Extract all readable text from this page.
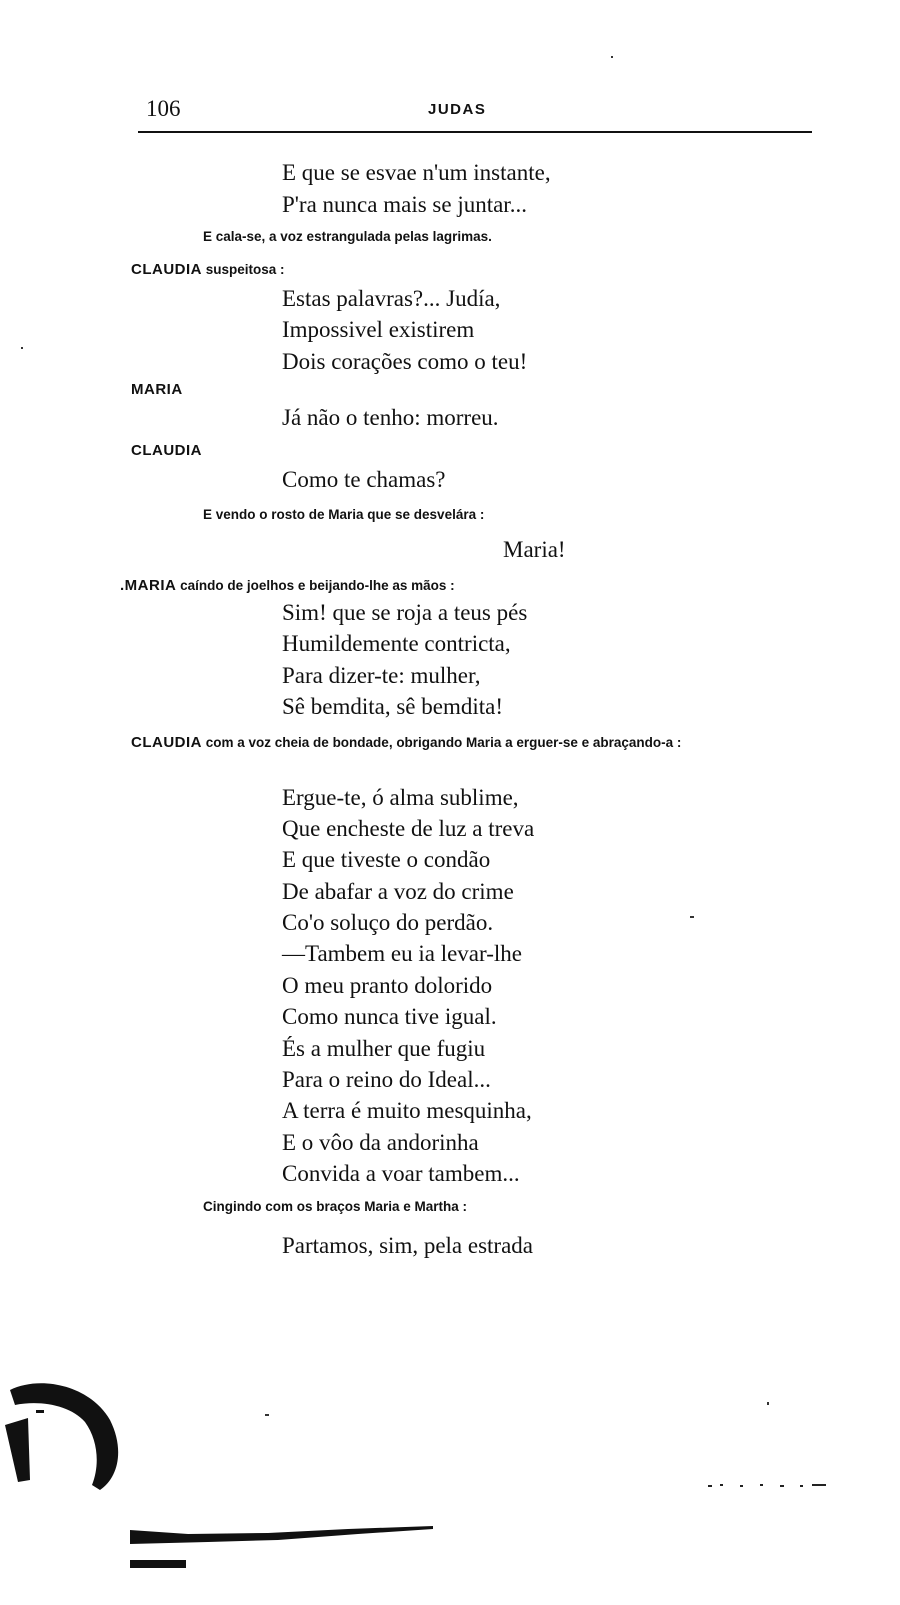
106	JUDAS
E que se esvae n'um instante,
P'ra nunca mais se juntar...
E cala-se, a voz estrangulada pelas lagrimas.
CLAUDIA suspeitosa :
Estas palavras?... Judía,
Impossivel existirem
Dois corações como o teu!
MARIA
Já não o tenho: morreu.
CLAUDIA
Como te chamas?
E vendo o rosto de Maria que se desvelára :
Maria!
.MARIA caíndo de joelhos e beijando-lhe as mãos :
Sim! que se roja a teus pés
Humildemente contricta,
Para dizer-te: mulher,
Sê bemdita, sê bemdita!
CLAUDIA com a voz cheia de bondade, obrigando Maria a erguer-se e abraçando-a :
Ergue-te, ó alma sublime,
Que encheste de luz a treva
E que tiveste o condão
De abafar a voz do crime
Co'o soluço do perdão.
—Tambem eu ia levar-lhe
O meu pranto dolorido
Como nunca tive igual.
És a mulher que fugiu
Para o reino do Ideal...
A terra é muito mesquinha,
E o vôo da andorinha
Convida a voar tambem...
Cingindo com os braços Maria e Martha :
Partamos, sim, pela estrada
